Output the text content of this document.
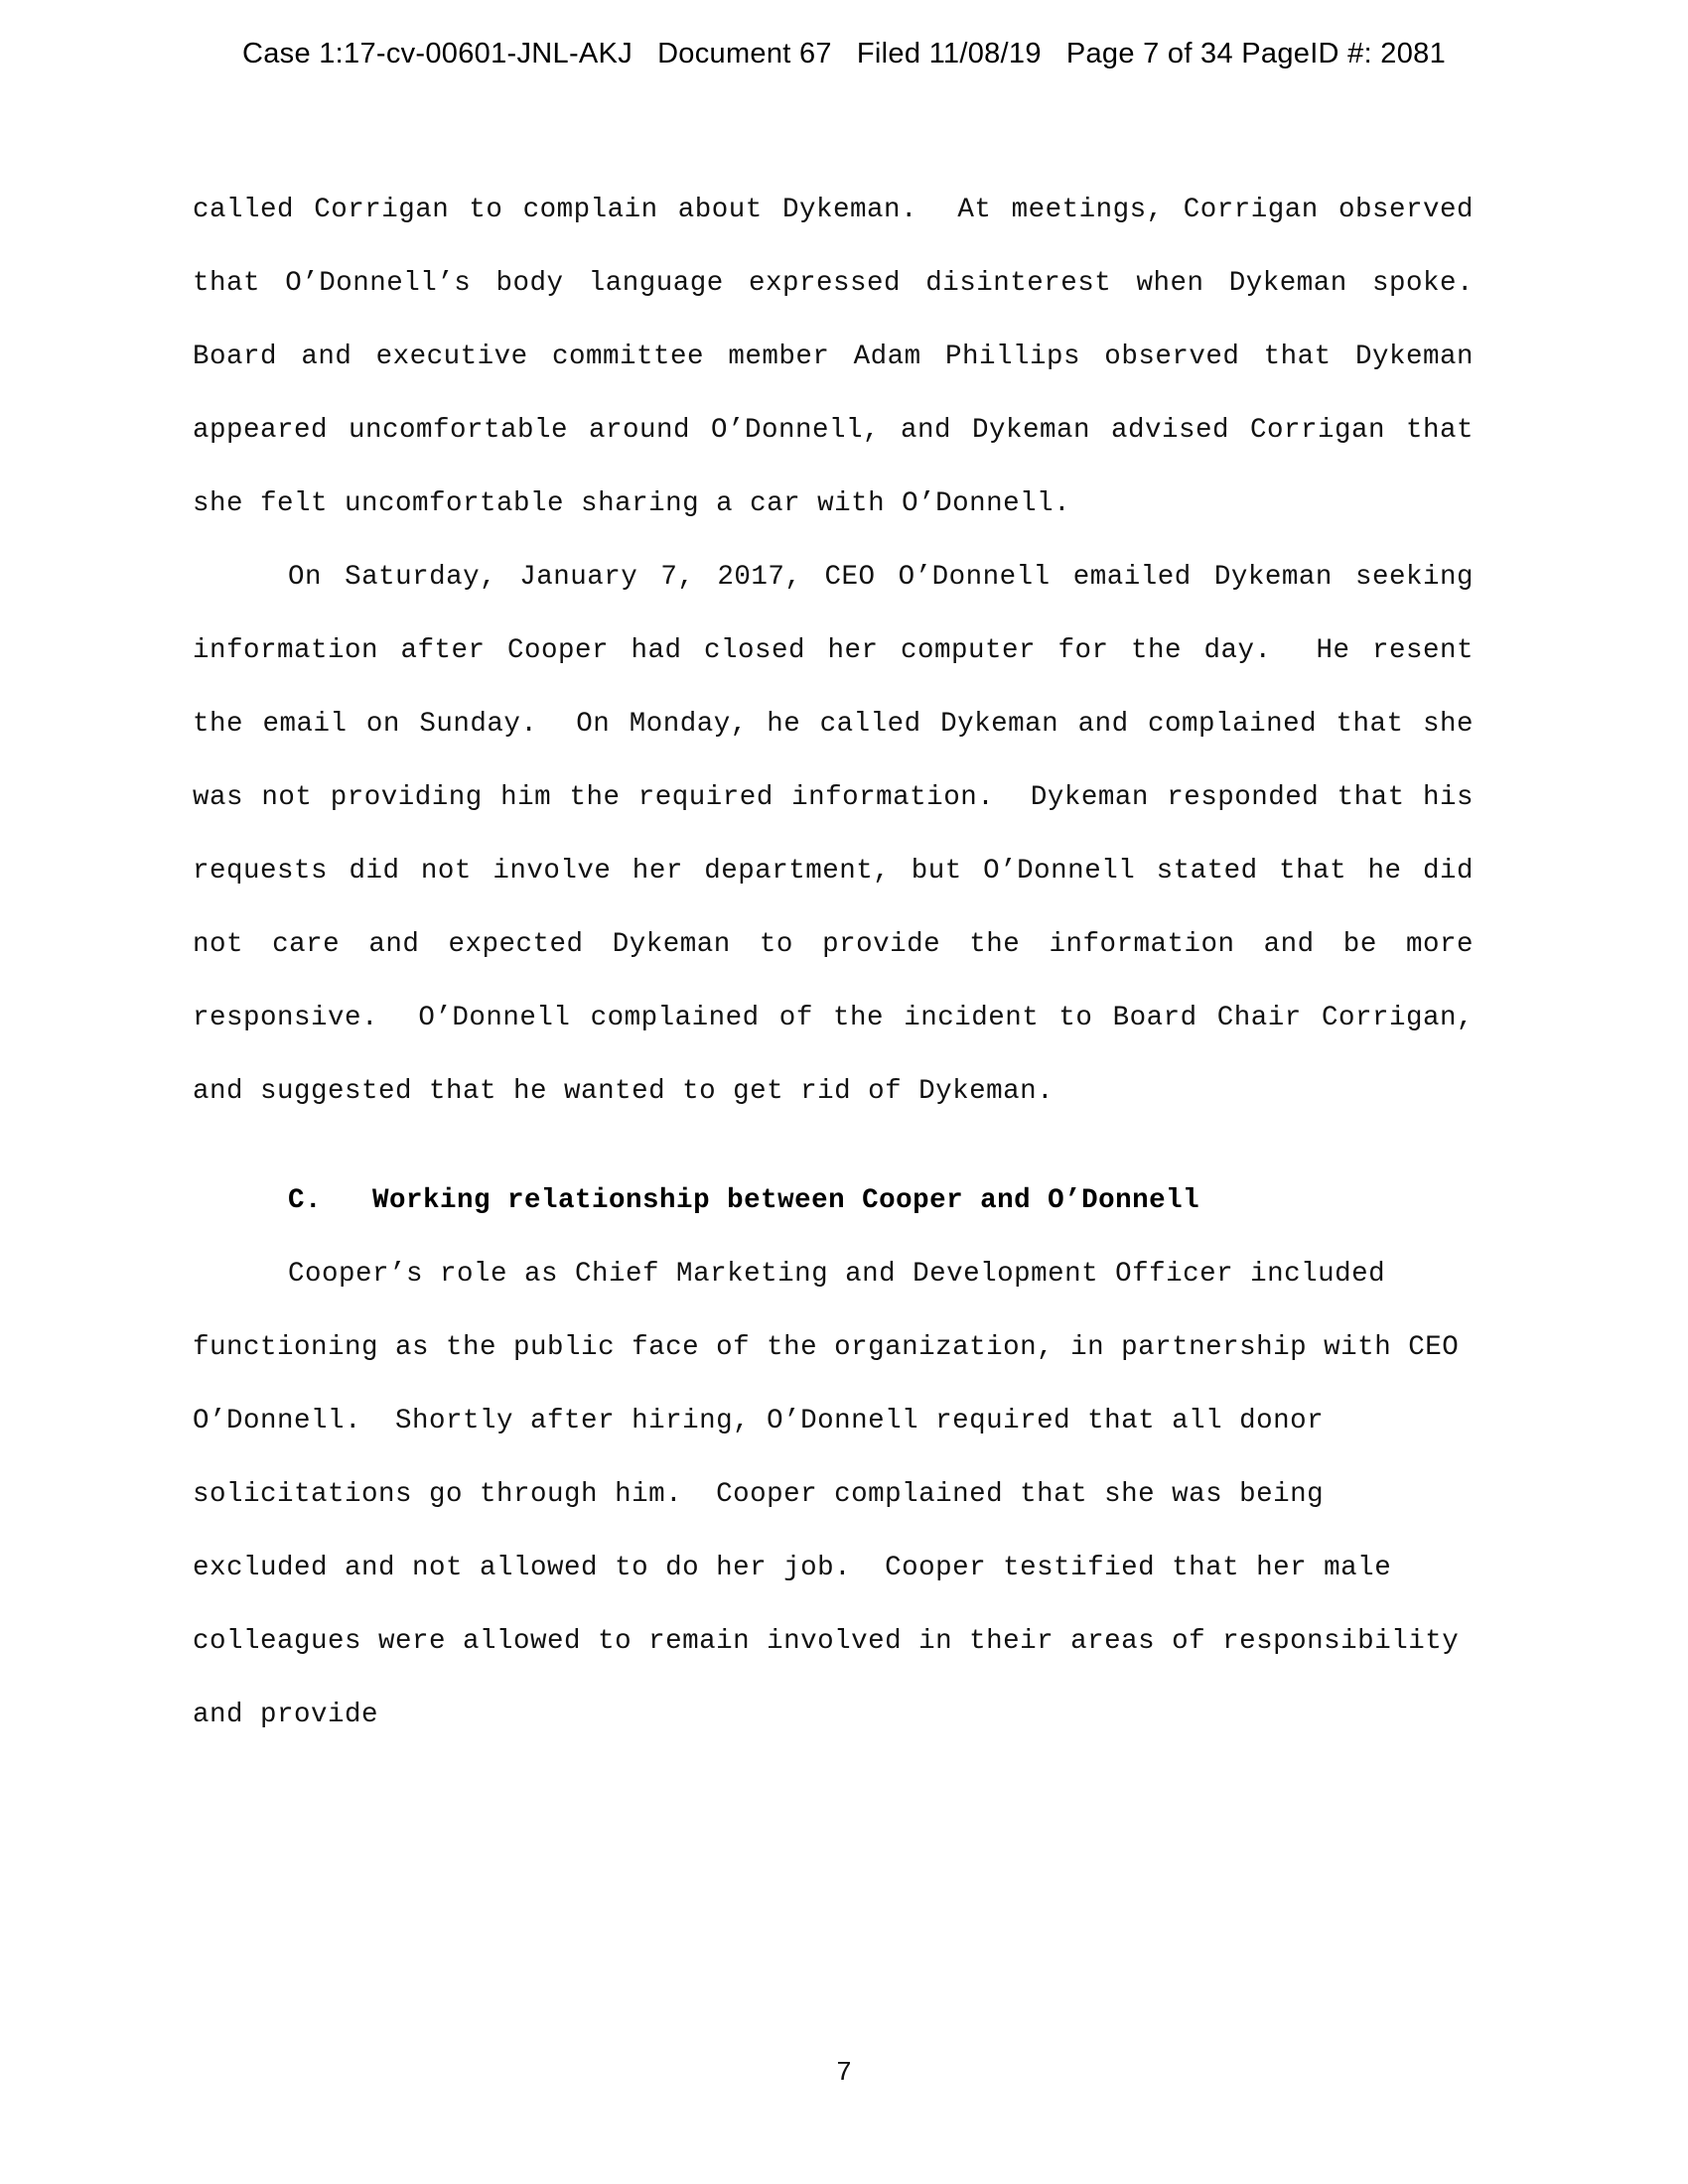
Case 1:17-cv-00601-JNL-AKJ   Document 67   Filed 11/08/19   Page 7 of 34 PageID #: 2081

called Corrigan to complain about Dykeman.  At meetings, Corrigan observed that O’Donnell’s body language expressed disinterest when Dykeman spoke.  Board and executive committee member Adam Phillips observed that Dykeman appeared uncomfortable around O’Donnell, and Dykeman advised Corrigan that she felt uncomfortable sharing a car with O’Donnell.

On Saturday, January 7, 2017, CEO O’Donnell emailed Dykeman seeking information after Cooper had closed her computer for the day.  He resent the email on Sunday.  On Monday, he called Dykeman and complained that she was not providing him the required information.  Dykeman responded that his requests did not involve her department, but O’Donnell stated that he did not care and expected Dykeman to provide the information and be more responsive.  O’Donnell complained of the incident to Board Chair Corrigan, and suggested that he wanted to get rid of Dykeman.

C.   Working relationship between Cooper and O’Donnell

Cooper’s role as Chief Marketing and Development Officer included functioning as the public face of the organization, in partnership with CEO O’Donnell.  Shortly after hiring, O’Donnell required that all donor solicitations go through him.  Cooper complained that she was being excluded and not allowed to do her job.  Cooper testified that her male colleagues were allowed to remain involved in their areas of responsibility and provide

7
